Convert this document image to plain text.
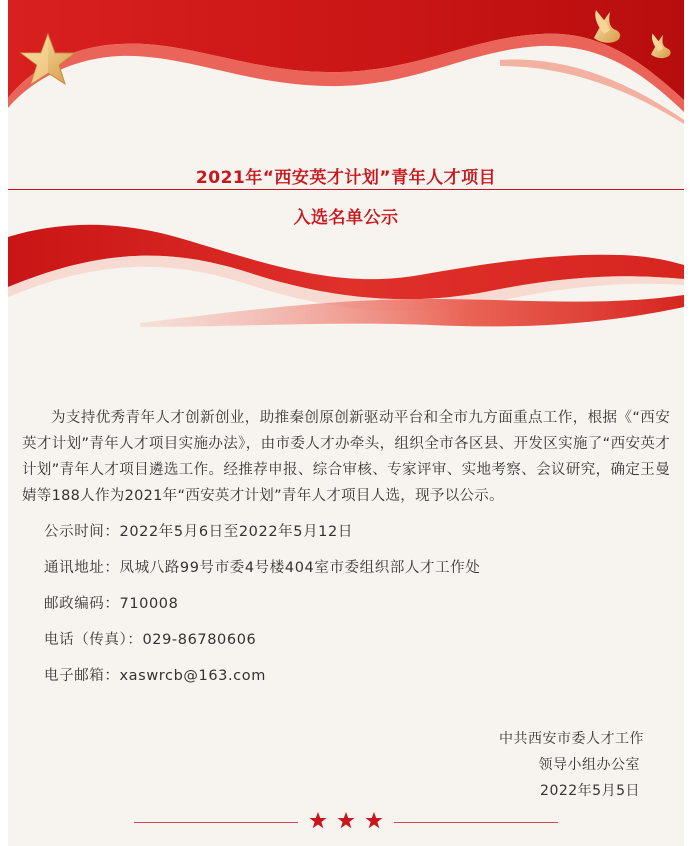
2021年“西安英才计划”青年人才项目
入选名单公示
为支持优秀青年人才创新创业，助推秦创原创新驱动平台和全市九方面重点工作，根据《“西安英才计划”青年人才项目实施办法》，由市委人才办牵头，组织全市各区县、开发区实施了“西安英才计划”青年人才项目遴选工作。经推荐申报、综合审核、专家评审、实地考察、会议研究，确定王曼婧等188人作为2021年“西安英才计划”青年人才项目人选，现予以公示。
公示时间：2022年5月6日至2022年5月12日
通讯地址：凤城八路99号市委4号楼404室市委组织部人才工作处
邮政编码：710008
电话（传真）：029-86780606
电子邮箱：xaswrcb@163.com
中共西安市委人才工作
领导小组办公室
2022年5月5日
